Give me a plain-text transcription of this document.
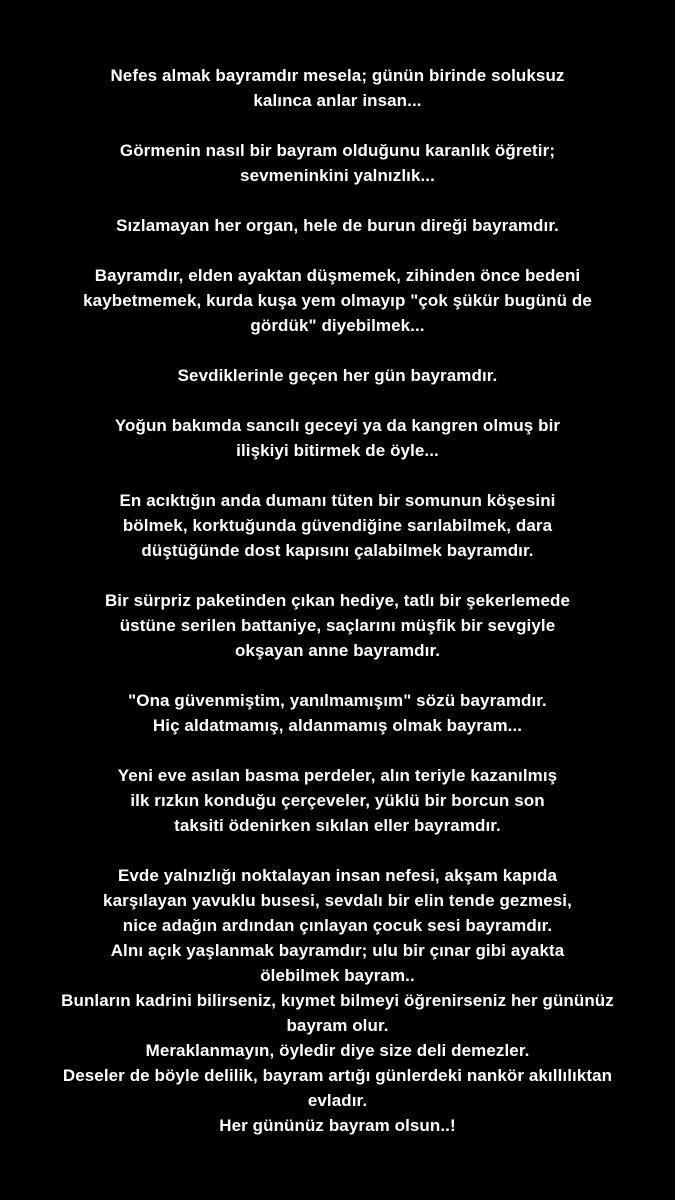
Nefes almak bayramdır mesela; günün birinde soluksuz
kalınca anlar insan...
Görmenin nasıl bir bayram olduğunu karanlık öğretir;
sevmeninkini yalnızlık...
Sızlamayan her organ, hele de burun direği bayramdır.
Bayramdır, elden ayaktan düşmemek, zihinden önce bedeni
kaybetmemek, kurda kuşa yem olmayıp "çok şükür bugünü de
gördük" diyebilmek...
Sevdiklerinle geçen her gün bayramdır.
Yoğun bakımda sancılı geceyi ya da kangren olmuş bir
ilişkiyi bitirmek de öyle...
En acıktığın anda dumanı tüten bir somunun köşesini
bölmek, korktuğunda güvendiğine sarılabilmek, dara
düştüğünde dost kapısını çalabilmek bayramdır.
Bir sürpriz paketinden çıkan hediye, tatlı bir şekerlemede
üstüne serilen battaniye, saçlarını müşfik bir sevgiyle
okşayan anne bayramdır.
"Ona güvenmiştim, yanılmamışım" sözü bayramdır.
Hiç aldatmamış, aldanmamış olmak bayram...
Yeni eve asılan basma perdeler, alın teriyle kazanılmış
ilk rızkın konduğu çerçeveler, yüklü bir borcun son
taksiti ödenirken sıkılan eller bayramdır.
Evde yalnızlığı noktalayan insan nefesi, akşam kapıda
karşılayan yavuklu busesi, sevdalı bir elin tende gezmesi,
nice adağın ardından çınlayan çocuk sesi bayramdır.
Alnı açık yaşlanmak bayramdır; ulu bir çınar gibi ayakta
ölebilmek bayram..
Bunların kadrini bilirseniz, kıymet bilmeyi öğrenirseniz her gününüz
bayram olur.
Meraklanmayın, öyledir diye size deli demezler.
Deseler de böyle delilik, bayram artığı günlerdeki nankör akıllılıktan
evladır.
Her gününüz bayram olsun..!
